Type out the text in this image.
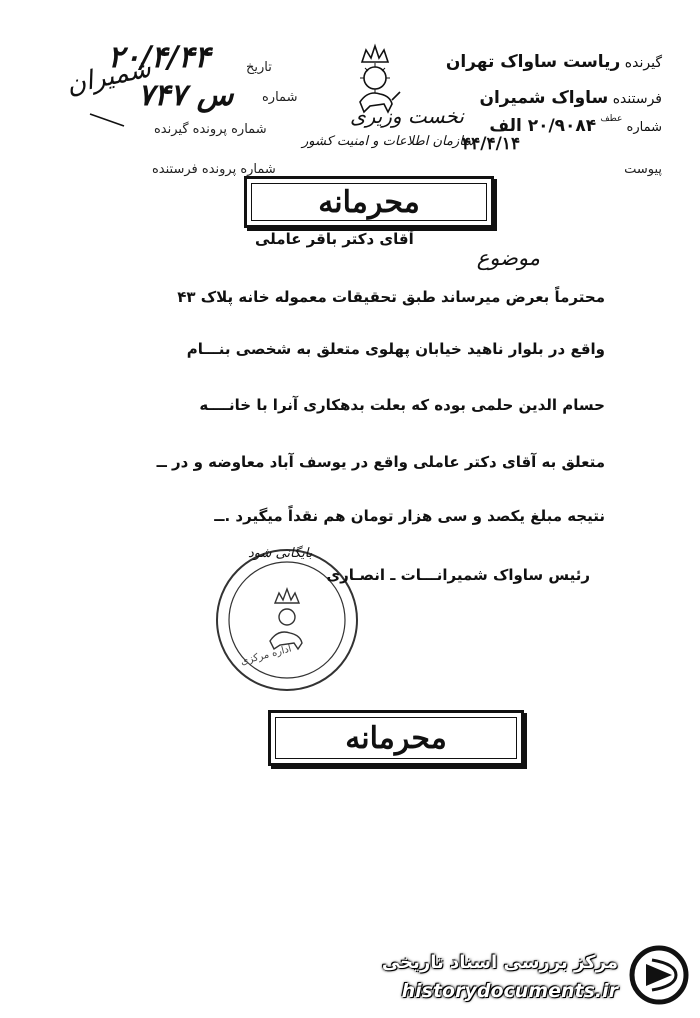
گیرنده ریاست ساواک تهران
فرستنده ساواک شمیران
شماره $^{عطف}$ ۲۰/۹۰۸۴ الف
۴۴/۴/۱۴
پیوست
نخست وزیری
سازمان اطلاعات و امنیت کشور
تاریخ
۲۰/۴/۴۴
شماره
۷۴۷ س
شمیران
شماره پرونده گیرنده
شماره پرونده فرستنده
محرمانه
موضوع
آقای دکتر باقر عاملی
محترماً بعرض میرساند طبق تحقیقات معموله خانه پلاک ۴۳
واقع در بلوار ناهید خیابان پهلوی متعلق به شخصی بنـــام
حسام الدین حلمی بوده که بعلت بدهکاری آنرا با خانــــه
متعلق به آقای دکتر عاملی واقع در یوسف آباد معاوضه و در ــ
نتیجه مبلغ یکصد و سی هزار تومان هم نقداً میگیرد .ــ
اداره مرکزی
بایگانی شود
رئیس ساواک شمیرانـــات ـ انصـاری
محرمانه
مرکز بررسی اسناد تاریخی
historydocuments.ir
